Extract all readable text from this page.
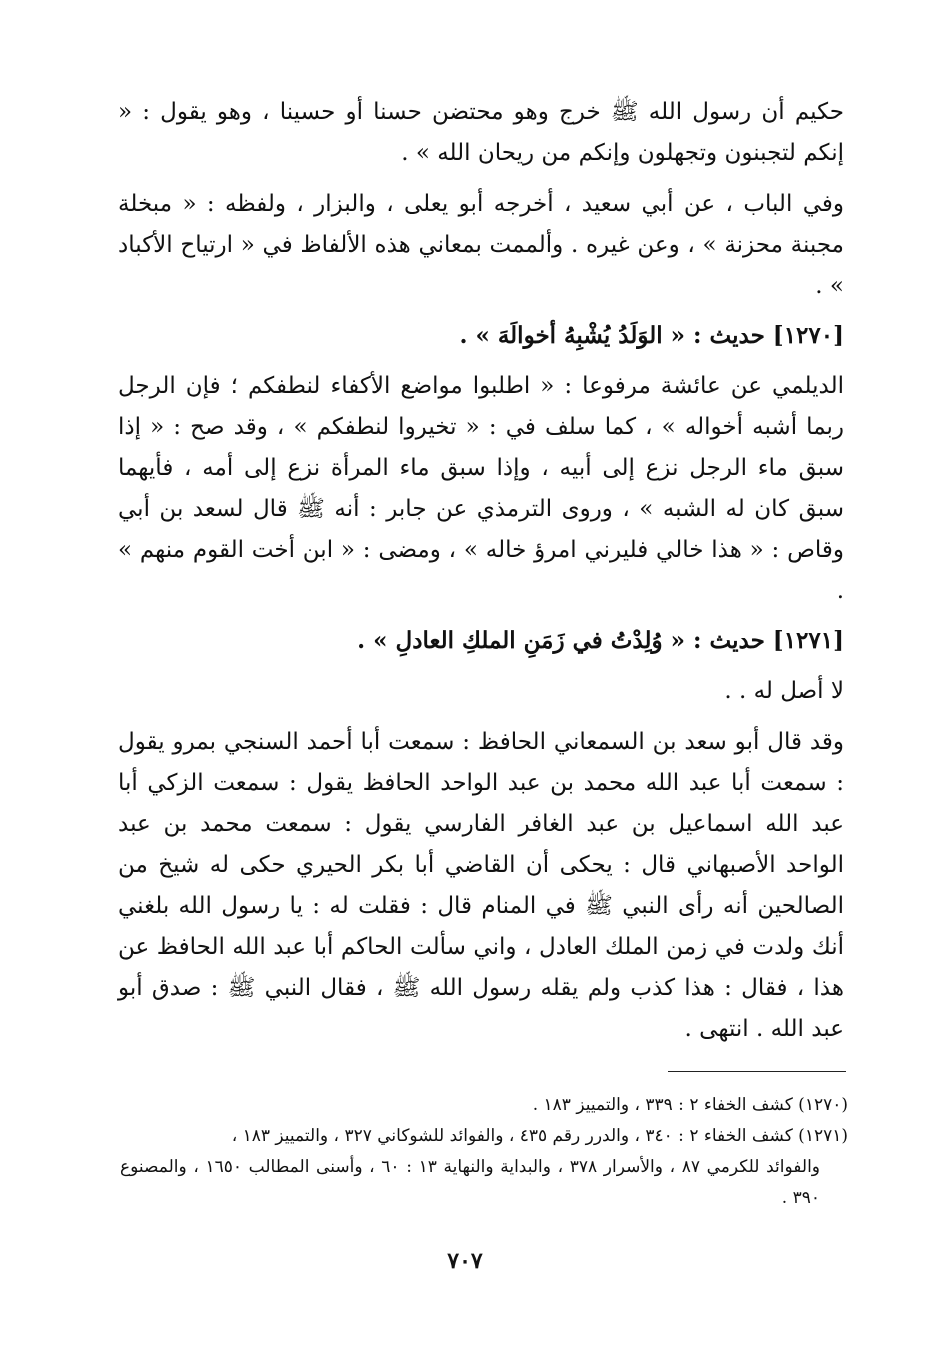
حكيم أن رسول الله ﷺ خرج وهو محتضن حسنا أو حسينا ، وهو يقول : « إنكم لتجبنون وتجهلون وإنكم من ريحان الله » .

وفي الباب ، عن أبي سعيد ، أخرجه أبو يعلى ، والبزار ، ولفظه : « مبخلة مجبنة محزنة » ، وعن غيره . وألممت بمعاني هذه الألفاظ في « ارتياح الأكباد » .

[١٢٧٠] حديث : « الوَلَدُ يُشْبِهُ أخوالَهَ » .

الديلمي عن عائشة مرفوعا : « اطلبوا مواضع الأكفاء لنطفكم ؛ فإن الرجل ربما أشبه أخواله » ، كما سلف في : « تخيروا لنطفكم » ، وقد صح : « إذا سبق ماء الرجل نزع إلى أبيه ، وإذا سبق ماء المرأة نزع إلى أمه ، فأيهما سبق كان له الشبه » ، وروى الترمذي عن جابر : أنه ﷺ قال لسعد بن أبي وقاص : « هذا خالي فليرني امرؤ خاله » ، ومضى : « ابن أخت القوم منهم » .

[١٢٧١] حديث : « وُلِدْتُ في زَمَنِ الملكِ العادلِ » .

لا أصل له . .

وقد قال أبو سعد بن السمعاني الحافظ : سمعت أبا أحمد السنجي بمرو يقول : سمعت أبا عبد الله محمد بن عبد الواحد الحافظ يقول : سمعت الزكي أبا عبد الله اسماعيل بن عبد الغافر الفارسي يقول : سمعت محمد بن عبد الواحد الأصبهاني قال : يحكى أن القاضي أبا بكر الحيري حكى له شيخ من الصالحين أنه رأى النبي ﷺ في المنام قال : فقلت له : يا رسول الله بلغني أنك ولدت في زمن الملك العادل ، واني سألت الحاكم أبا عبد الله الحافظ عن هذا ، فقال : هذا كذب ولم يقله رسول الله ﷺ ، فقال النبي ﷺ : صدق أبو عبد الله . انتهى .

(١٢٧٠) كشف الخفاء ٢ : ٣٣٩ ، والتمييز ١٨٣ .

(١٢٧١) كشف الخفاء ٢ : ٣٤٠ ، والدرر رقم ٤٣٥ ، والفوائد للشوكاني ٣٢٧ ، والتمييز ١٨٣ ،

والفوائد للكرمي ٨٧ ، والأسرار ٣٧٨ ، والبداية والنهاية ١٣ : ٦٠ ، وأسنى المطالب ١٦٥٠ ، والمصنوع ٣٩٠ .

٧٠٧
